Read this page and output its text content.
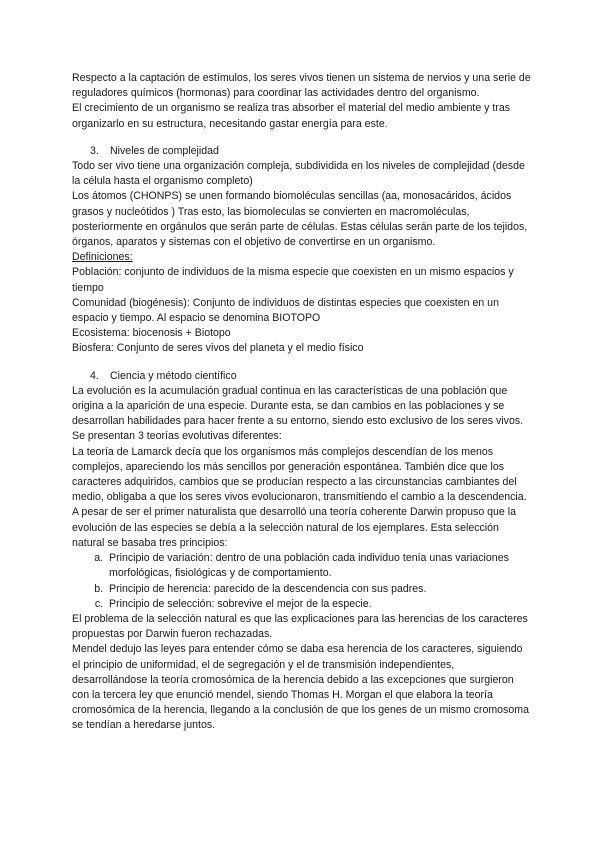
Respecto a la captación de estímulos, los seres vivos tienen un sistema de nervios y una serie de reguladores químicos (hormonas) para coordinar las actividades dentro del organismo.

El crecimiento de un organismo se realiza tras absorber el material del medio ambiente y tras organizarlo en su estructura, necesitando gastar energía para este.

3. Niveles de complejidad

Todo ser vivo tiene una organización compleja, subdividida en los niveles de complejidad (desde la célula hasta el organismo completo)

Los átomos (CHONPS) se unen formando biomoléculas sencillas (aa, monosacáridos, ácidos grasos y nucleótidos ) Tras esto, las biomoleculas se convierten en macromoléculas, posteriormente en orgánulos que serán parte de células. Estas células serán parte de los tejidos, órganos, aparatos y sistemas con el objetivo de convertirse en un organismo.

Definiciones:

Población: conjunto de individuos de la misma especie que coexisten en un mismo espacios y tiempo

Comunidad (biogénesis): Conjunto de individuos de distintas especies que coexisten en un espacio y tiempo. Al espacio se denomina BIOTOPO

Ecosistema: biocenosis + Biotopo

Biosfera: Conjunto de seres vivos del planeta y el medio físico

4. Ciencia y método científico

La evolución es la acumulación gradual continua en las características de una población que origina a la aparición de una especie. Durante esta, se dan cambios en las poblaciones y se desarrollan habilidades para hacer frente a su entorno, siendo esto exclusivo de los seres vivos.

Se presentan 3 teorías evolutivas diferentes:

La teoría de Lamarck decía que los organismos más complejos descendían de los menos complejos, apareciendo los más sencillos por generación espontánea. También dice que los caracteres adquiridos, cambios que se producían respecto a las circunstancias cambiantes del medio, obligaba a que los seres vivos evolucionaron, transmitiendo el cambio a la descendencia. A pesar de ser el primer naturalista que desarrolló una teoría coherente Darwin propuso que la evolución de las especies se debía a la selección natural de los ejemplares. Esta selección natural se basaba tres principios:

a. Principio de variación: dentro de una población cada individuo tenía unas variaciones morfológicas, fisiológicas y de comportamiento.
b. Principio de herencia: parecido de la descendencia con sus padres.
c. Principio de selección: sobrevive el mejor de la especie.

El problema de la selección natural es que las explicaciones para las herencias de los caracteres propuestas por Darwin fueron rechazadas.

Mendel dedujo las leyes para entender cómo se daba esa herencia de los caracteres, siguiendo el principio de uniformidad, el de segregación y el de transmisión independientes, desarrollándose la teoría cromosómica de la herencia debido a las excepciones que surgieron con la tercera ley que enunció mendel, siendo Thomas H. Morgan el que elabora la teoría cromosómica de la herencia, llegando a la conclusión de que los genes de un mismo cromosoma se tendían a heredarse juntos.
